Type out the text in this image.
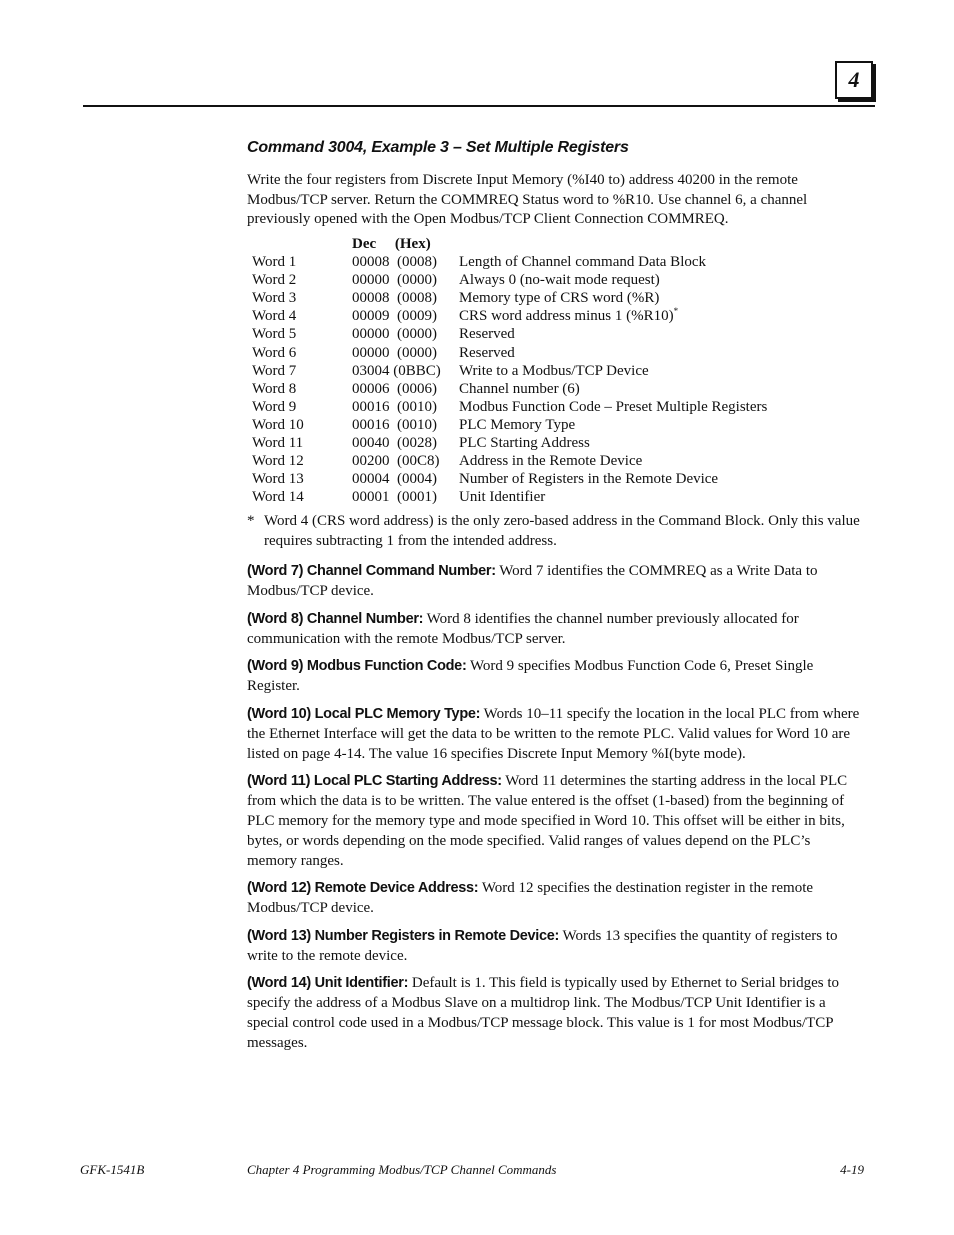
4
Command 3004, Example 3 – Set Multiple Registers
Write the four registers from Discrete Input Memory (%I40 to) address 40200 in the remote Modbus/TCP server. Return the COMMREQ Status word to %R10. Use channel 6, a channel previously opened with the Open Modbus/TCP Client Connection COMMREQ.
Dec     (Hex)
Word 1	00008  (0008)	Length of Channel command Data Block
Word 2	00000  (0000)	Always 0 (no-wait mode request)
Word 3	00008  (0008)	Memory type of CRS word (%R)
Word 4	00009  (0009)	CRS word address minus 1 (%R10)*
Word 5	00000  (0000)	Reserved
Word 6	00000  (0000)	Reserved
Word 7	03004 (0BBC)	Write to a Modbus/TCP Device
Word 8	00006  (0006)	Channel number (6)
Word 9	00016  (0010)	Modbus Function Code – Preset Multiple Registers
Word 10	00016  (0010)	PLC Memory Type
Word 11	00040  (0028)	PLC Starting Address
Word 12	00200  (00C8)	Address in the Remote Device
Word 13	00004  (0004)	Number of Registers in the Remote Device
Word 14	00001  (0001)	Unit Identifier
* Word 4 (CRS word address) is the only zero-based address in the Command Block. Only this value requires subtracting 1 from the intended address.
(Word 7) Channel Command Number: Word 7 identifies the COMMREQ as a Write Data to Modbus/TCP device.
(Word 8) Channel Number: Word 8 identifies the channel number previously allocated for communication with the remote Modbus/TCP server.
(Word 9) Modbus Function Code: Word 9 specifies Modbus Function Code 6, Preset Single Register.
(Word 10) Local PLC Memory Type: Words 10–11 specify the location in the local PLC from where the Ethernet Interface will get the data to be written to the remote PLC. Valid values for Word 10 are listed on page 4-14. The value 16 specifies Discrete Input Memory %I(byte mode).
(Word 11) Local PLC Starting Address: Word 11 determines the starting address in the local PLC from which the data is to be written. The value entered is the offset (1-based) from the beginning of PLC memory for the memory type and mode specified in Word 10. This offset will be either in bits, bytes, or words depending on the mode specified. Valid ranges of values depend on the PLC’s memory ranges.
(Word 12) Remote Device Address: Word 12 specifies the destination register in the remote Modbus/TCP device.
(Word 13) Number Registers in Remote Device: Words 13 specifies the quantity of registers to write to the remote device.
(Word 14) Unit Identifier: Default is 1. This field is typically used by Ethernet to Serial bridges to specify the address of a Modbus Slave on a multidrop link. The Modbus/TCP Unit Identifier is a special control code used in a Modbus/TCP message block. This value is 1 for most Modbus/TCP messages.
GFK-1541B	Chapter 4 Programming Modbus/TCP Channel Commands	4-19
